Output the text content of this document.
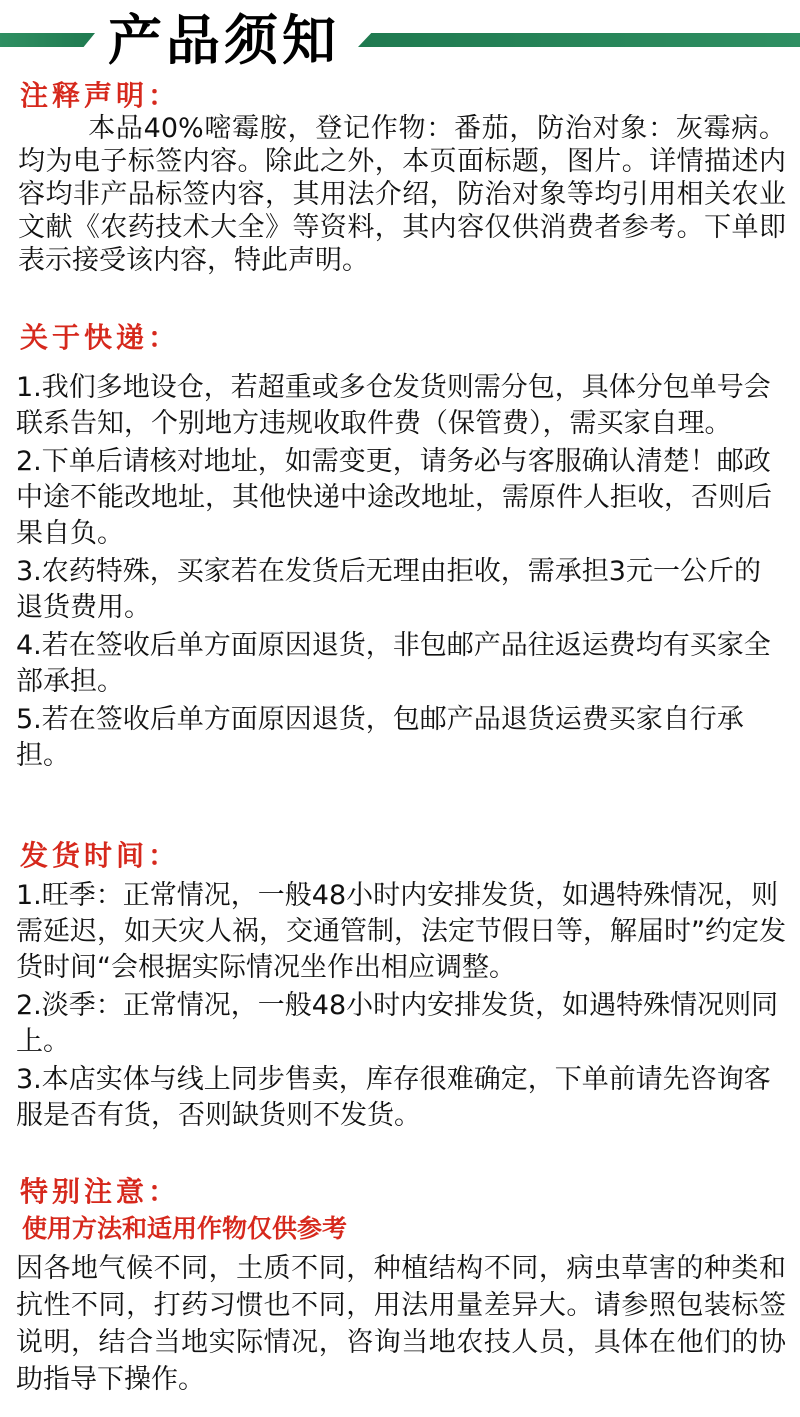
产品须知
注释声明：

本品40%嘧霉胺，登记作物：番茄，防治对象：灰霉病。均为电子标签内容。除此之外，本页面标题，图片。详情描述内容均非产品标签内容，其用法介绍，防治对象等均引用相关农业文献《农药技术大全》等资料，其内容仅供消费者参考。下单即表示接受该内容，特此声明。

关于快递：
1.我们多地设仓，若超重或多仓发货则需分包，具体分包单号会联系告知，个别地方违规收取件费（保管费），需买家自理。
2.下单后请核对地址，如需变更，请务必与客服确认清楚！邮政中途不能改地址，其他快递中途改地址，需原件人拒收，否则后果自负。
3.农药特殊，买家若在发货后无理由拒收，需承担3元一公斤的退货费用。
4.若在签收后单方面原因退货，非包邮产品往返运费均有买家全部承担。
5.若在签收后单方面原因退货，包邮产品退货运费买家自行承担。
发货时间：
1.旺季：正常情况，一般48小时内安排发货，如遇特殊情况，则需延迟，如天灾人祸，交通管制，法定节假日等，解届时”约定发货时间“会根据实际情况坐作出相应调整。
2.淡季：正常情况，一般48小时内安排发货，如遇特殊情况则同上。
3.本店实体与线上同步售卖，库存很难确定，下单前请先咨询客服是否有货，否则缺货则不发货。
特别注意：
使用方法和适用作物仅供参考

因各地气候不同，土质不同，种植结构不同，病虫草害的种类和抗性不同，打药习惯也不同，用法用量差异大。请参照包装标签说明，结合当地实际情况，咨询当地农技人员，具体在他们的协助指导下操作。
